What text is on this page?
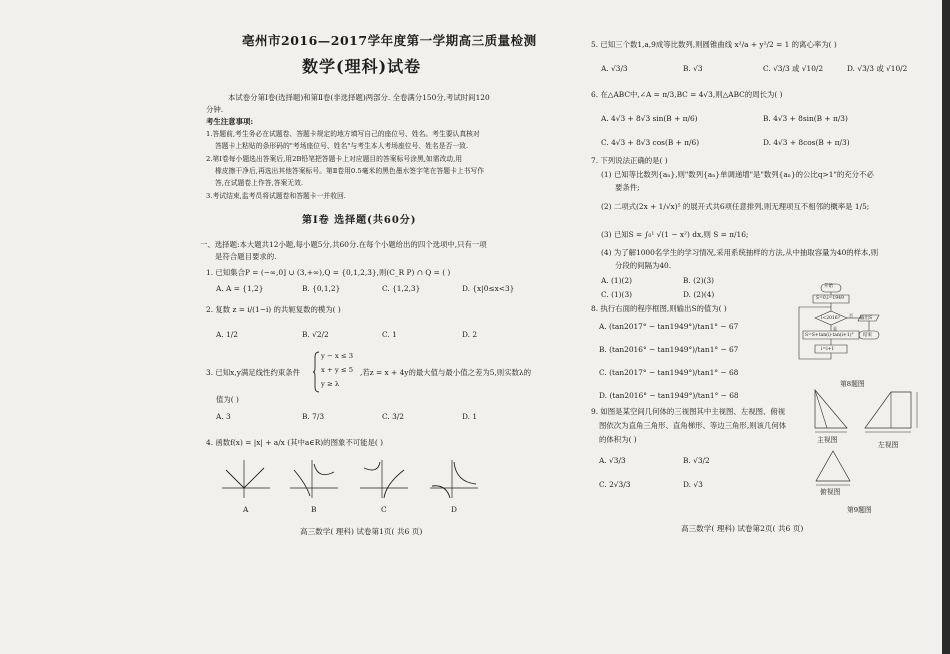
亳州市2016—2017学年度第一学期高三质量检测
数学(理科)试卷
本试卷分第Ⅰ卷(选择题)和第Ⅱ卷(非选择题)两部分. 全卷满分150分,考试时间120
分钟.
考生注意事项:
1.答题前,考生务必在试题卷、答题卡规定的地方填写自己的座位号、姓名。考生要认真核对
答题卡上粘贴的条形码的"考场座位号、姓名"与考生本人考场座位号、姓名是否一致.
2.第Ⅰ卷每小题选出答案后,用2B铅笔把答题卡上对应题目的答案标号涂黑,如需改动,用
橡皮擦干净后,再选出其他答案标号。第Ⅱ卷用0.5毫米的黑色墨水签字笔在答题卡上书写作
答,在试题卷上作答,答案无效.
3.考试结束,监考员将试题卷和答题卡一并收回.
第Ⅰ卷 选择题(共60分)
一、选择题:本大题共12小题,每小题5分,共60分.在每个小题给出的四个选项中,只有一项
是符合题目要求的.
1. 已知集合P = (−∞,0] ∪ (3,+∞),Q = {0,1,2,3},则(C_R P) ∩ Q = ( )
A. A = {1,2}	B. {0,1,2}	C. {1,2,3}	D. {x|0≤x<3}
2. 复数 z = i/(1−i) 的共轭复数的模为( )
A. 1/2	B. √2/2	C. 1	D. 2
3. 已知x,y满足线性约束条件
y − x ≤ 3
x + y ≤ 5
y ≥ λ
,若z = x + 4y的最大值与最小值之差为5,则实数λ的
值为( )
A. 3	B. 7/3	C. 3/2	D. 1
4. 函数f(x) = |x| + a/x (其中a∈R)的图象不可能是( )
A	B	C	D
高三数学( 理科) 试卷第1页( 共6 页)
5. 已知三个数1,a,9成等比数列,则圆锥曲线 x²/a + y²/2 = 1 的离心率为( )
A. √3/3	B. √3	C. √3/3 或 √10/2	D. √3/3 或 √10/2
6. 在△ABC中,∠A = π/3,BC = 4√3,则△ABC的周长为( )
A. 4√3 + 8√3 sin(B + π/6)	B. 4√3 + 8sin(B + π/3)
C. 4√3 + 8√3 cos(B + π/6)	D. 4√3 + 8cos(B + π/3)
7. 下列说法正确的是( )
(1) 已知等比数列{aₙ},则"数列{aₙ}单调递增"是"数列{aₙ}的公比q>1"的充分不必
要条件;
(2) 二项式(2x + 1/√x)⁵ 的展开式共6项任意排列,则无理项互不相邻的概率是 1/5;
(3) 已知S = ∫₀¹ √(1 − x²) dx,则 S = π/16;
(4) 为了解1000名学生的学习情况,采用系统抽样的方法,从中抽取容量为40的样本,则
分段的间隔为40.
A. (1)(2)	B. (2)(3)
C. (1)(3)	D. (2)(4)
8. 执行右面的程序框图,则输出S的值为( )
A. (tan2017° − tan1949°)/tan1° − 67
B. (tan2016° − tan1949°)/tan1° − 67
C. (tan2017° − tan1949°)/tan1° − 68
D. (tan2016° − tan1949°)/tan1° − 68
开始
S=0,i=1949
i<2016?
S=S+tan(i)·tan(i+1)°
i=i+1
输出S
结束
是
否
第8题图
9. 如图是某空间几何体的三视图其中主视图、左视图、俯视
图依次为直角三角形、直角梯形、等边三角形,则该几何体
的体积为( )
A. √3/3	B. √3/2
C. 2√3/3	D. √3
主视图
左视图
俯视图
第9题图
高三数学( 理科) 试卷第2页( 共6 页)
